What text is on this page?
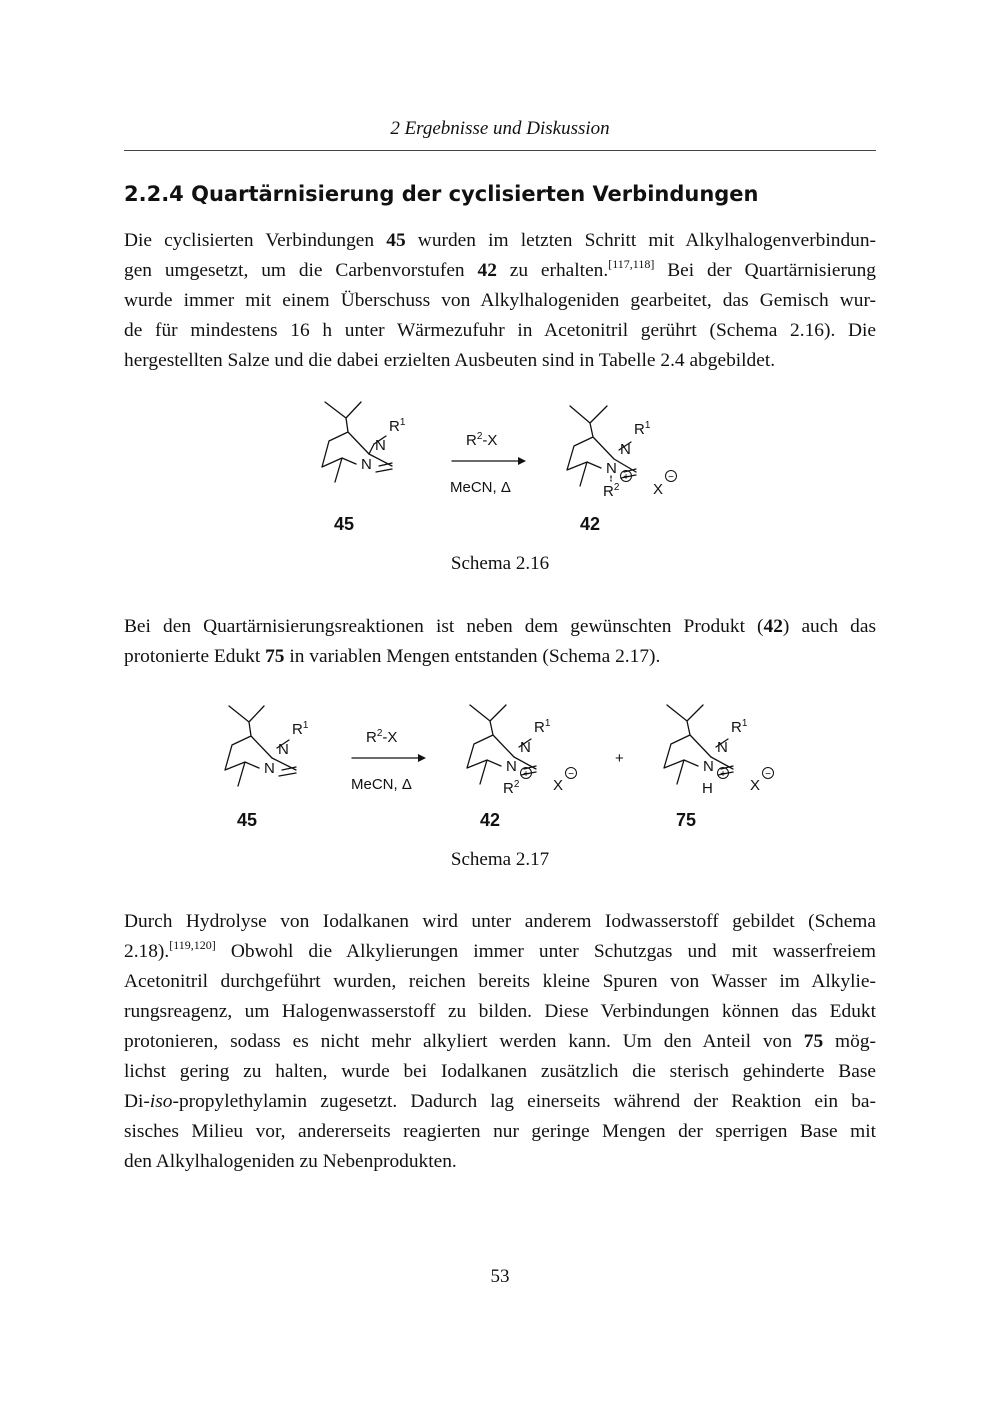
2 Ergebnisse und Diskussion
2.2.4 Quartärnisierung der cyclisierten Verbindungen
Die cyclisierten Verbindungen 45 wurden im letzten Schritt mit Alkylhalogenverbindun-
gen umgesetzt, um die Carbenvorstufen 42 zu erhalten.[117,118] Bei der Quartärnisierung
wurde immer mit einem Überschuss von Alkylhalogeniden gearbeitet, das Gemisch wur-
de für mindestens 16 h unter Wärmezufuhr in Acetonitril gerührt (Schema 2.16). Die
hergestellten Salze und die dabei erzielten Ausbeuten sind in Tabelle 2.4 abgebildet.
N
N
$R^1$
$R^2-X$
MeCN, Δ
N
N
$R^1$
$R^2$
+
X
−
45	42
Schema 2.16
Bei den Quartärnisierungsreaktionen ist neben dem gewünschten Produkt (42) auch das
protonierte Edukt 75 in variablen Mengen entstanden (Schema 2.17).
N
N
$R^1$
$R^2-X$
MeCN, Δ
N
N
$R^1$
$R^2$
+
X
−
+	N
N
$R^1$
H
+
X
−
45	42	75
Schema 2.17
Durch Hydrolyse von Iodalkanen wird unter anderem Iodwasserstoff gebildet (Schema
2.18).[119,120] Obwohl die Alkylierungen immer unter Schutzgas und mit wasserfreiem
Acetonitril durchgeführt wurden, reichen bereits kleine Spuren von Wasser im Alkylie-
rungsreagenz, um Halogenwasserstoff zu bilden. Diese Verbindungen können das Edukt
protonieren, sodass es nicht mehr alkyliert werden kann. Um den Anteil von 75 mög-
lichst gering zu halten, wurde bei Iodalkanen zusätzlich die sterisch gehinderte Base
Di-iso-propylethylamin zugesetzt. Dadurch lag einerseits während der Reaktion ein ba-
sisches Milieu vor, andererseits reagierten nur geringe Mengen der sperrigen Base mit
den Alkylhalogeniden zu Nebenprodukten.
53
